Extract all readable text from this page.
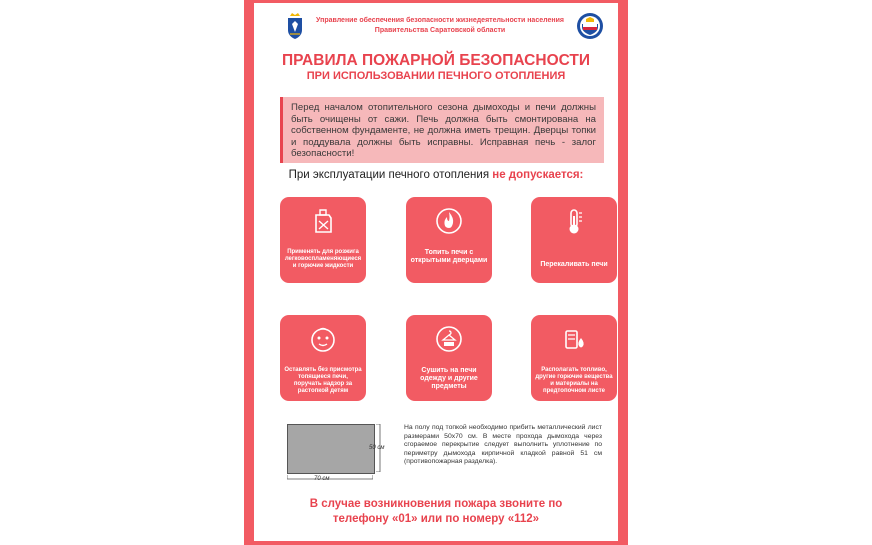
Управление обеспечения безопасности жизнедеятельности населения
Правительства Саратовской области
ПРАВИЛА ПОЖАРНОЙ БЕЗОПАСНОСТИ
ПРИ ИСПОЛЬЗОВАНИИ ПЕЧНОГО ОТОПЛЕНИЯ

Перед началом отопительного сезона дымоходы и печи должны быть очищены от сажи. Печь должна быть смонтирована на собственном фундаменте, не должна иметь трещин. Дверцы топки и поддувала должны быть исправны. Исправная печь - залог безопасности!

При эксплуатации печного отопления не допускается:
Применять для розжига легковоспламеняющиеся и горючие жидкости
Топить печи с открытыми дверцами
Перекаливать печи
Оставлять без присмотра топящиеся печи, поручать надзор за растопкой детям
Сушить на печи одежду и другие предметы
Располагать топливо, другие горючие вещества и материалы на предтопочном листе
70 см
50 см
На полу под топкой необходимо прибить металлический лист размерами 50х70 см. В месте прохода дымохода через сгораемое перекрытие следует выполнить уплотнение по периметру дымохода кирпичной кладкой равной 51 см (противопожарная разделка).
В случае возникновения пожара звоните по
телефону «01» или по номеру «112»
